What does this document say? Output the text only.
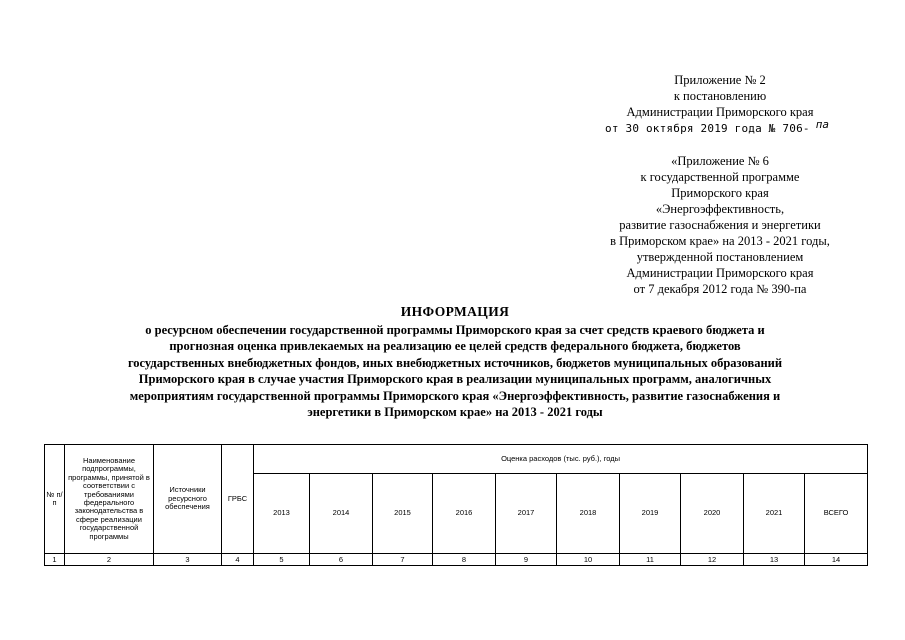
Приложение № 2
к постановлению
Администрации Приморского края
от 30 октября 2019 года № 706- па
«Приложение № 6
к государственной программе
Приморского края
«Энергоэффективность,
развитие газоснабжения и энергетики
в Приморском крае» на 2013 - 2021 годы,
утвержденной постановлением
Администрации Приморского края
от 7 декабря 2012 года № 390-па
ИНФОРМАЦИЯ
о ресурсном обеспечении государственной программы Приморского края за счет средств краевого бюджета и
прогнозная оценка привлекаемых на реализацию ее целей средств федерального бюджета, бюджетов
государственных внебюджетных фондов, иных внебюджетных источников, бюджетов муниципальных образований
Приморского края в случае участия Приморского края в реализации муниципальных программ, аналогичных
мероприятиям государственной программы Приморского края «Энергоэффективность, развитие газоснабжения и
энергетики в Приморском крае» на 2013 - 2021 годы
№ п/п	Наименование подпрограммы, программы, принятой в соответствии с требованиями федерального законодательства в сфере реализации государственной программы	Источники ресурсного обеспечения	ГРБС	Оценка расходов (тыс. руб.), годы									
				2013	2014	2015	2016	2017	2018	2019	2020	2021	ВСЕГО
1	2	3	4	5	6	7	8	9	10	11	12	13	14
